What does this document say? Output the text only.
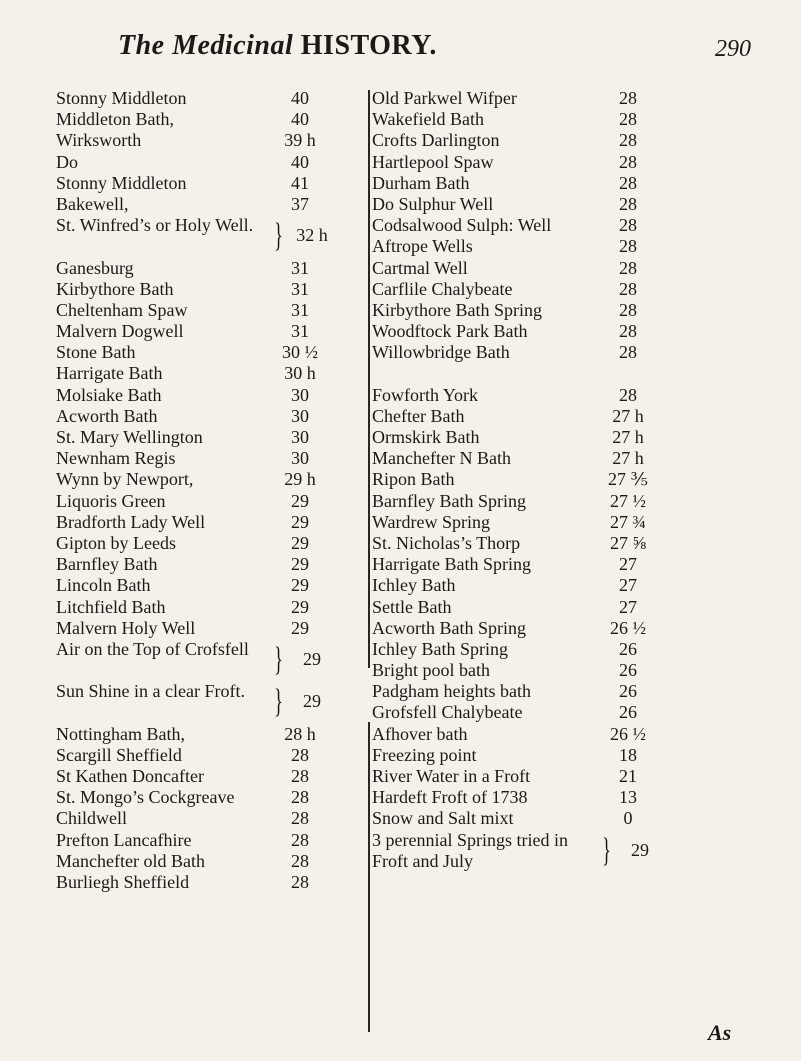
The Medicinal HISTORY.	290
Stonny Middleton	40
Middleton Bath,	40
Wirksworth	39 h
Do	40
Stonny Middleton	41
Bakewell,	37
St. Winfred’s or Holy Well. } 32 h
Ganesburg	31
Kirbythore Bath	31
Cheltenham Spaw	31
Malvern Dogwell	31
Stone Bath	30 ½
Harrigate Bath	30 h
Molsiake Bath	30
Acworth Bath	30
St. Mary Wellington	30
Newnham Regis	30
Wynn by Newport,	29 h
Liquoris Green	29
Bradforth Lady Well	29
Gipton by Leeds	29
Barnfley Bath	29
Lincoln Bath	29
Litchfield Bath	29
Malvern Holy Well	29
Air on the Top of Crofsfell }	29
Sun Shine in a clear Froft. }	29
Nottingham Bath,	28 h
Scargill Sheffield	28
St Kathen Doncafter	28
St. Mongo’s Cockgreave	28
Childwell	28
Prefton Lancafhire	28
Manchefter old Bath	28
Burliegh Sheffield	28
Old Parkwel Wifper	28
Wakefield Bath	28
Crofts Darlington	28
Hartlepool Spaw	28
Durham Bath	28
Do Sulphur Well	28
Codsalwood Sulph: Well	28
Aftrope Wells	28
Cartmal Well	28
Carflile Chalybeate	28
Kirbythore Bath Spring	28
Woodftock Park Bath	28
Willowbridge Bath	28
Fowforth York	28
Chefter Bath	27 h
Ormskirk Bath	27 h
Manchefter N Bath	27 h
Ripon Bath	27 ⅗
Barnfley Bath Spring	27 ½
Wardrew Spring	27 ¾
St. Nicholas’s Thorp	27 ⅝
Harrigate Bath Spring	27
Ichley Bath	27
Settle Bath	27
Acworth Bath Spring	26 ½
Ichley Bath Spring	26
Bright pool bath	26
Padgham heights bath	26
Grofsfell Chalybeate	26
Afhover bath	26 ½
Freezing point	18
River Water in a Froft	21
Hardeft Froft of 1738	13
Snow and Salt mixt	0
3 perennial Springs tried in Froft and July	}	29
As
